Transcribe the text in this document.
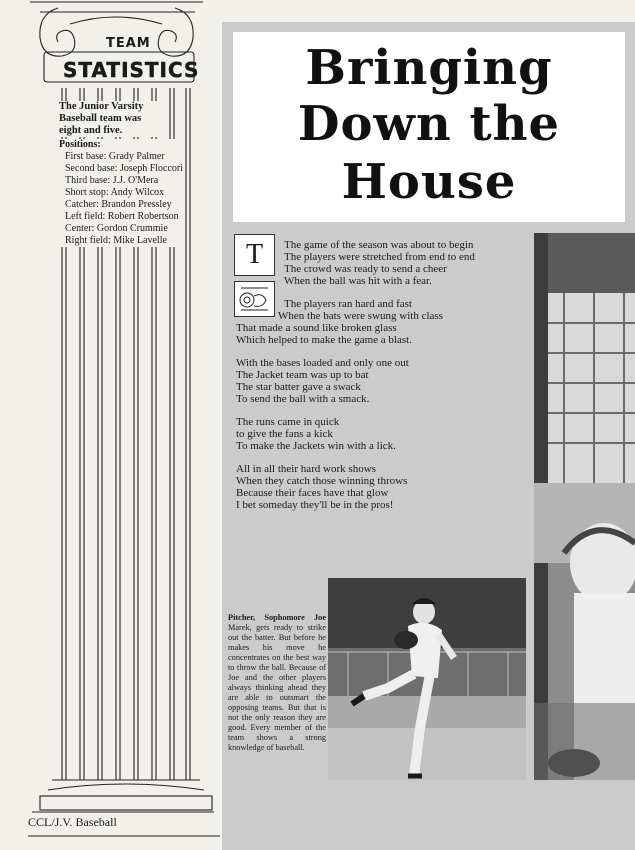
TEAM
STATISTICS
The Junior Varsity Baseball team was eight and five.
Positions:
First base: Grady Palmer
Second base: Joseph Floccori
Third base: J.J. O'Mera
Short stop: Andy Wilcox
Catcher: Brandon Pressley
Left field: Robert Robertson
Center: Gordon Crummie
Right field: Mike Lavelle
CCL/J.V. Baseball
Bringing
Down the
House
T	The game of the season was about to begin
The players were stretched from end to end
The crowd was ready to send a cheer
When the ball was hit with a fear.
The players ran hard and fast
When the bats were swung with class
That made a sound like broken glass
Which helped to make the game a blast.
With the bases loaded and only one out
The Jacket team was up to bat
The star batter gave a swack
To send the ball with a smack.
The runs came in quick
to give the fans a kick
To make the Jackets win with a lick.
All in all their hard work shows
When they catch those winning throws
Because their faces have that glow
I bet someday they'll be in the pros!
Pitcher, Sophomore Joe Marek, gets ready to strike out the batter. But before he makes his move he concentrates on the best way to throw the ball. Because of Joe and the other players always thinking ahead they are able to outsmart the opposing teams. But that is not the only reason they are good. Every member of the team shows a strong knowledge of baseball.
